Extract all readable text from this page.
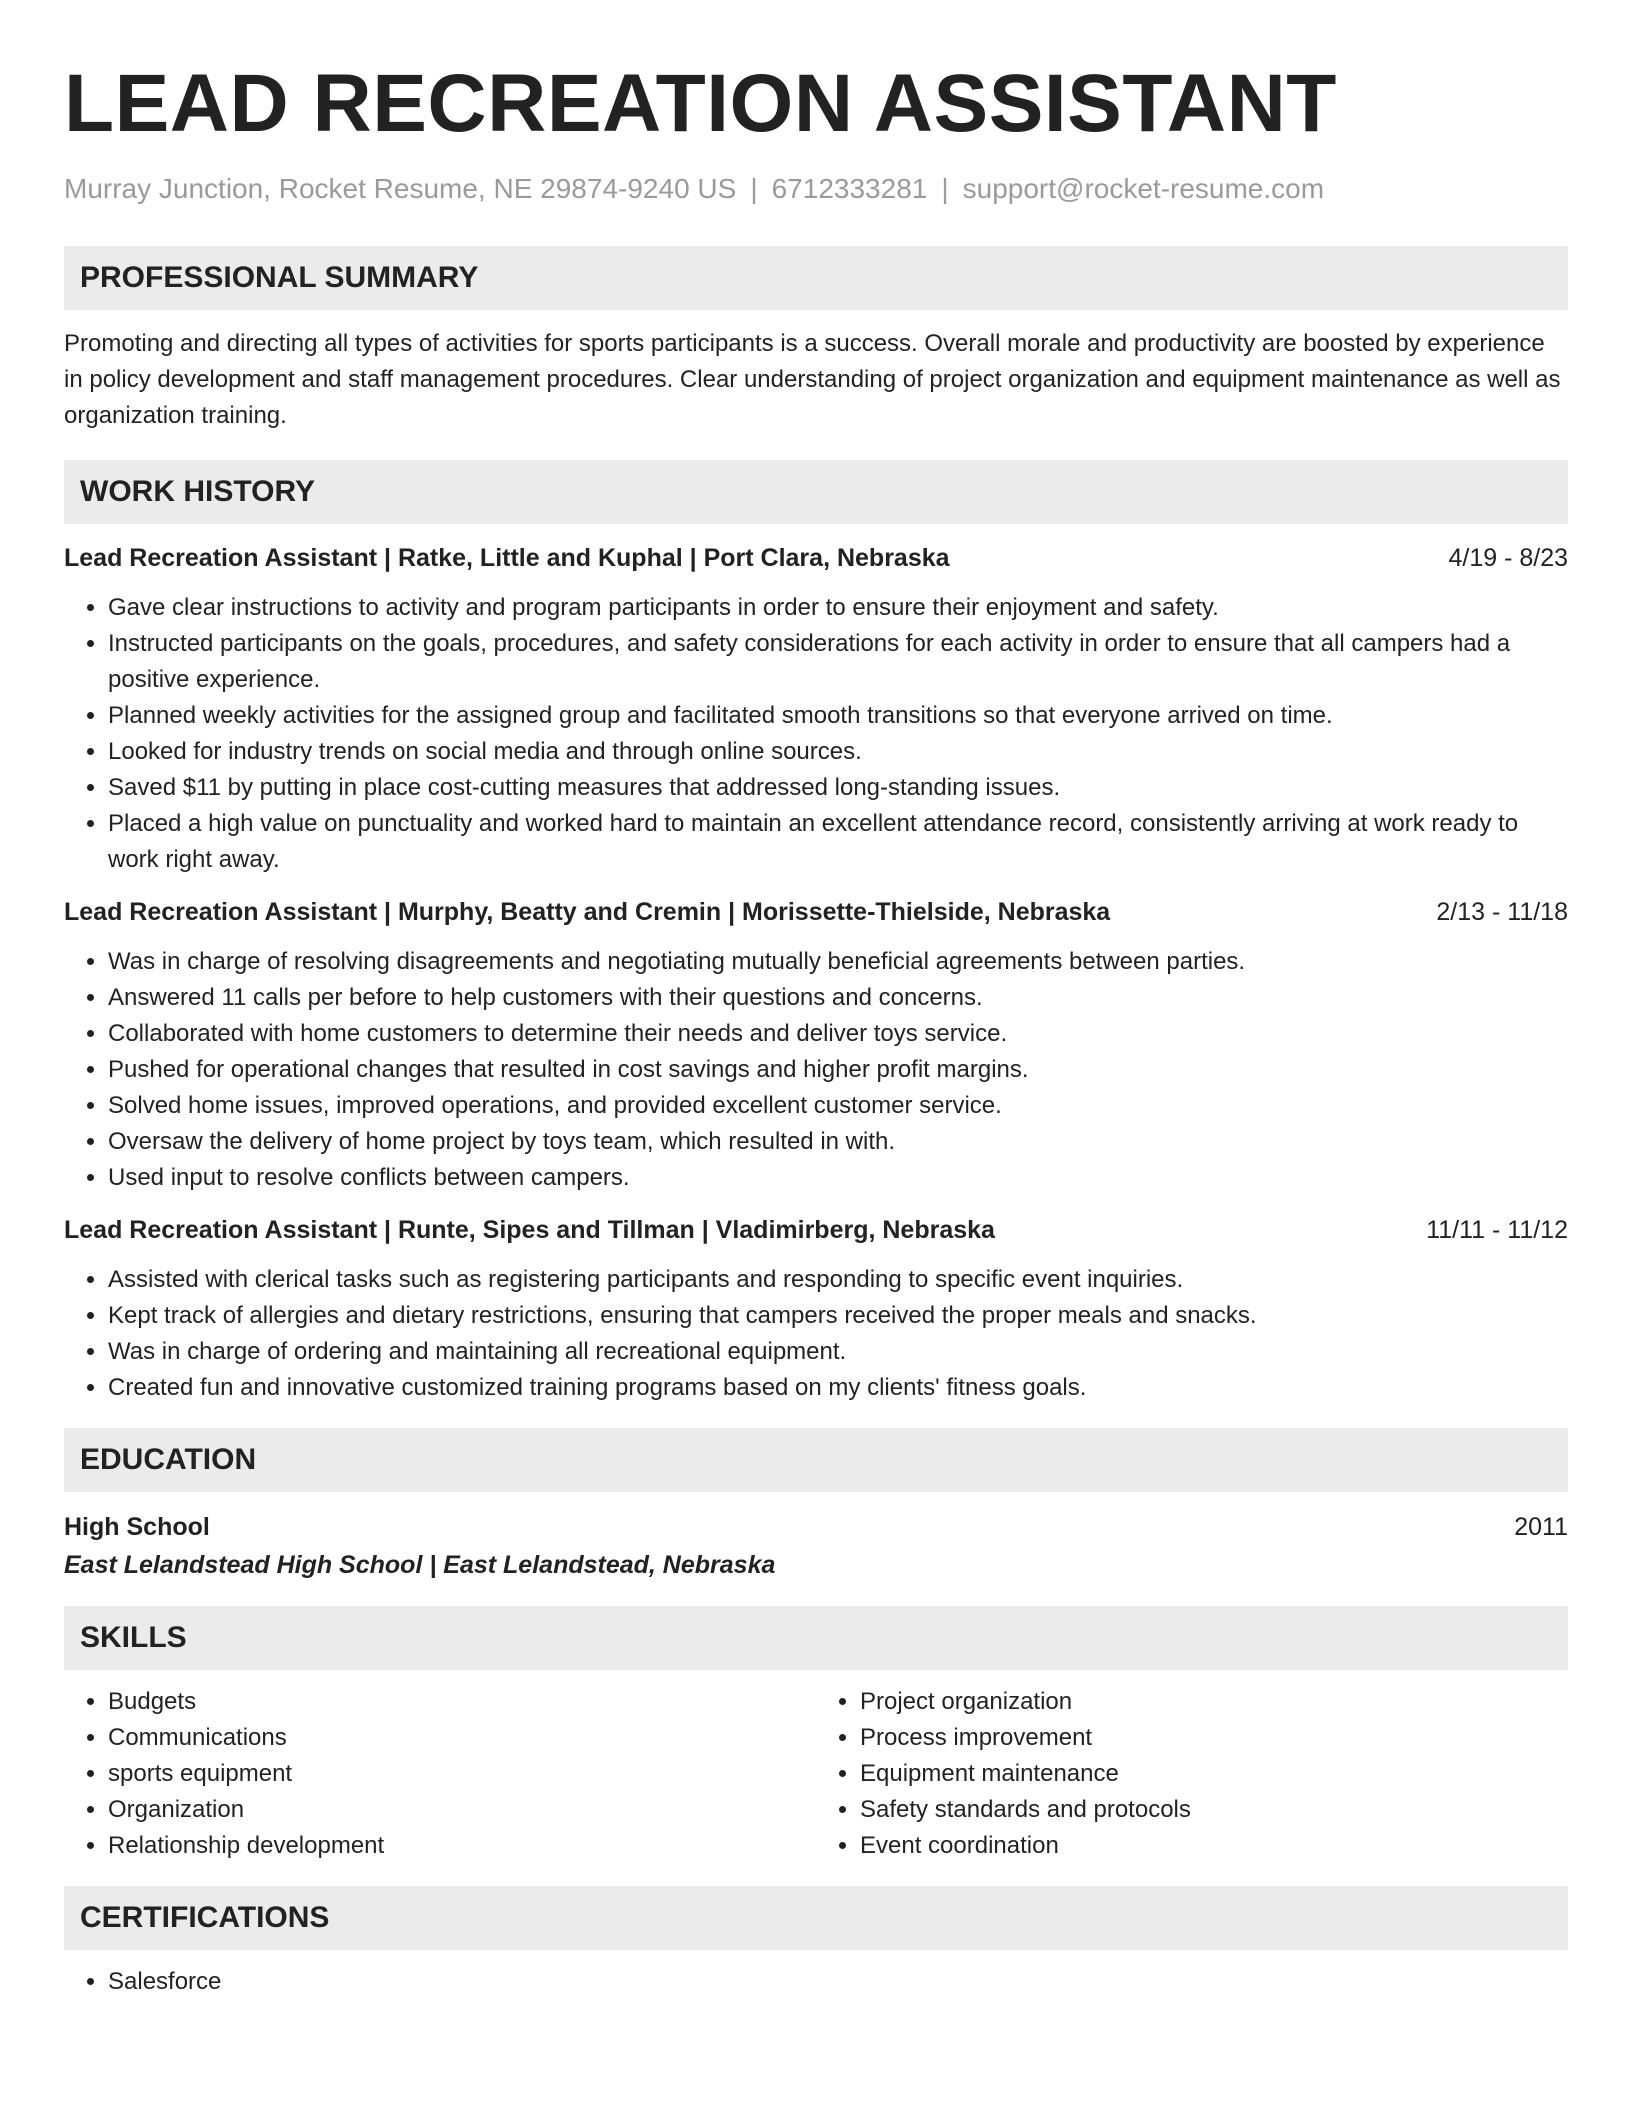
LEAD RECREATION ASSISTANT
Murray Junction, Rocket Resume, NE 29874-9240 US | 6712333281 | support@rocket-resume.com
PROFESSIONAL SUMMARY

Promoting and directing all types of activities for sports participants is a success. Overall morale and productivity are boosted by experience in policy development and staff management procedures. Clear understanding of project organization and equipment maintenance as well as organization training.

WORK HISTORY
Lead Recreation Assistant | Ratke, Little and Kuphal | Port Clara, Nebraska	4/19 - 8/23
• Gave clear instructions to activity and program participants in order to ensure their enjoyment and safety.
• Instructed participants on the goals, procedures, and safety considerations for each activity in order to ensure that all campers had a positive experience.
• Planned weekly activities for the assigned group and facilitated smooth transitions so that everyone arrived on time.
• Looked for industry trends on social media and through online sources.
• Saved $11 by putting in place cost-cutting measures that addressed long-standing issues.
• Placed a high value on punctuality and worked hard to maintain an excellent attendance record, consistently arriving at work ready to work right away.
Lead Recreation Assistant | Murphy, Beatty and Cremin | Morissette-Thielside, Nebraska	2/13 - 11/18
• Was in charge of resolving disagreements and negotiating mutually beneficial agreements between parties.
• Answered 11 calls per before to help customers with their questions and concerns.
• Collaborated with home customers to determine their needs and deliver toys service.
• Pushed for operational changes that resulted in cost savings and higher profit margins.
• Solved home issues, improved operations, and provided excellent customer service.
• Oversaw the delivery of home project by toys team, which resulted in with.
• Used input to resolve conflicts between campers.
Lead Recreation Assistant | Runte, Sipes and Tillman | Vladimirberg, Nebraska	11/11 - 11/12
• Assisted with clerical tasks such as registering participants and responding to specific event inquiries.
• Kept track of allergies and dietary restrictions, ensuring that campers received the proper meals and snacks.
• Was in charge of ordering and maintaining all recreational equipment.
• Created fun and innovative customized training programs based on my clients' fitness goals.
EDUCATION
High School	2011
East Lelandstead High School | East Lelandstead, Nebraska
SKILLS
• Budgets
• Communications
• sports equipment
• Organization
• Relationship development
• Project organization
• Process improvement
• Equipment maintenance
• Safety standards and protocols
• Event coordination
CERTIFICATIONS
• Salesforce
